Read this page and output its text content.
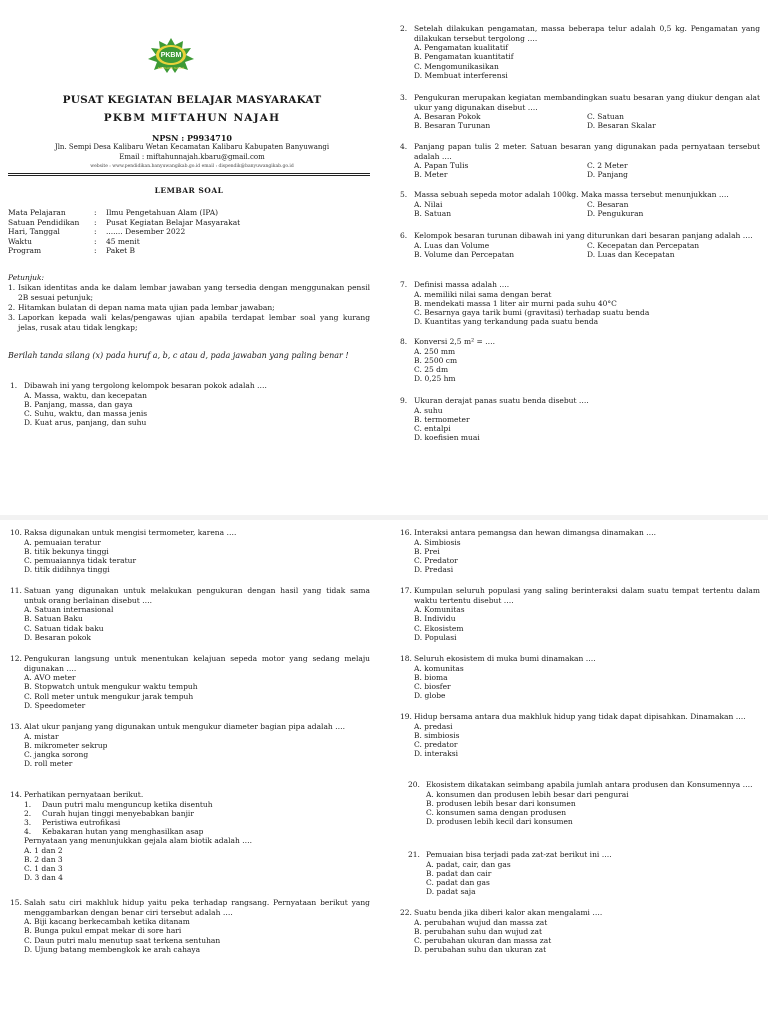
PKBM
MIFTAHUN NAJAH
PUSAT KEGIATAN BELAJAR MASYARAKAT
PKBM MIFTAHUN NAJAH
NPSN : P9934710
Jln. Sempi Desa Kalibaru Wetan Kecamatan Kalibaru Kabupaten Banyuwangi
Email : miftahunnajah.kbaru@gmail.com
website : www.pendidikan.banyuwangikab.go.id email : dispendik@banyuwangikab.go.id
LEMBAR SOAL
Mata Pelajaran	: Ilmu Pengetahuan Alam (IPA)
Satuan Pendidikan : Pusat Kegiatan Belajar Masyarakat
Hari, Tanggal	: ....... Desember 2022
Waktu	: 45 menit
Program	: Paket B
Petunjuk:
1. Isikan identitas anda ke dalam lembar jawaban yang tersedia dengan menggunakan pensil 2B sesuai petunjuk;
2. Hitamkan bulatan di depan nama mata ujian pada lembar jawaban;
3. Laporkan kepada wali kelas/pengawas ujian apabila terdapat lembar soal yang kurang jelas, rusak atau tidak lengkap;
Berilah tanda silang (x) pada huruf a, b, c atau d, pada jawaban yang paling benar !
1. Dibawah ini yang tergolong kelompok besaran pokok adalah ….
A. Massa, waktu, dan kecepatan
B. Panjang, massa, dan gaya
C. Suhu, waktu, dan massa jenis
D. Kuat arus, panjang, dan suhu
2. Setelah dilakukan pengamatan, massa beberapa telur adalah 0,5 kg. Pengamatan yang dilakukan tersebut tergolong ….
A. Pengamatan kualitatif
B. Pengamatan kuantitatif
C. Mengomunikasikan
D. Membuat interferensi
3. Pengukuran merupakan kegiatan membandingkan suatu besaran yang diukur dengan alat ukur yang digunakan disebut ….
A. Besaran Pokok	C. Satuan
B. Besaran Turunan	D. Besaran Skalar
4. Panjang papan tulis 2 meter. Satuan besaran yang digunakan pada pernyataan tersebut adalah ….
A. Papan Tulis	C. 2 Meter
B. Meter	D. Panjang
5. Massa sebuah sepeda motor adalah 100kg. Maka massa tersebut menunjukkan ….
A. Nilai	C. Besaran
B. Satuan	D. Pengukuran
6. Kelompok besaran turunan dibawah ini yang diturunkan dari besaran panjang adalah ….
A. Luas dan Volume	C. Kecepatan dan Percepatan
B. Volume dan Percepatan	D. Luas dan Kecepatan
7. Definisi massa adalah ….
A. memiliki nilai sama dengan berat
B. mendekati massa 1 liter air murni pada suhu 40°C
C. Besarnya gaya tarik bumi (gravitasi) terhadap suatu benda
D. Kuantitas yang terkandung pada suatu benda
8. Konversi 2,5 m² = ….
A. 250 mm
B. 2500 cm
C. 25 dm
D. 0,25 hm
9. Ukuran derajat panas suatu benda disebut ….
A. suhu
B. termometer
C. entalpi
D. koefisien muai
10. Raksa digunakan untuk mengisi termometer, karena ….
A. pemuaian teratur
B. titik bekunya tinggi
C. pemuaiannya tidak teratur
D. titik didihnya tinggi
11. Satuan yang digunakan untuk melakukan pengukuran dengan hasil yang tidak sama untuk orang berlainan disebut ….
A. Satuan internasional
B. Satuan Baku
C. Satuan tidak baku
D. Besaran pokok
12. Pengukuran langsung untuk menentukan kelajuan sepeda motor yang sedang melaju digunakan ….
A. AVO meter
B. Stopwatch untuk mengukur waktu tempuh
C. Roll meter untuk mengukur jarak tempuh
D. Speedometer
13. Alat ukur panjang yang digunakan untuk mengukur diameter bagian pipa adalah ….
A. mistar
B. mikrometer sekrup
C. jangka sorong
D. roll meter
14. Perhatikan pernyataan berikut.
1. Daun putri malu menguncup ketika disentuh
2. Curah hujan tinggi menyebabkan banjir
3. Peristiwa eutrofikasi
4. Kebakaran hutan yang menghasilkan asap
Pernyataan yang menunjukkan gejala alam biotik adalah ….
A. 1 dan 2
B. 2 dan 3
C. 1 dan 3
D. 3 dan 4
15. Salah satu ciri makhluk hidup yaitu peka terhadap rangsang. Pernyataan berikut yang menggambarkan dengan benar ciri tersebut adalah ….
A. Biji kacang berkecambah ketika ditanam
B. Bunga pukul empat mekar di sore hari
C. Daun putri malu menutup saat terkena sentuhan
D. Ujung batang membengkok ke arah cahaya
16. Interaksi antara pemangsa dan hewan dimangsa dinamakan ….
A. Simbiosis
B. Prei
C. Predator
D. Predasi
17. Kumpulan seluruh populasi yang saling berinteraksi dalam suatu tempat tertentu dalam waktu tertentu disebut ….
A. Komunitas
B. Individu
C. Ekosistem
D. Populasi
18. Seluruh ekosistem di muka bumi dinamakan ….
A. komunitas
B. bioma
C. biosfer
D. globe
19. Hidup bersama antara dua makhluk hidup yang tidak dapat dipisahkan. Dinamakan ….
A. predasi
B. simbiosis
C. predator
D. interaksi
20. Ekosistem dikatakan seimbang apabila jumlah antara produsen dan Konsumennya ….
A. konsumen dan produsen lebih besar dari pengurai
B. produsen lebih besar dari konsumen
C. konsumen sama dengan produsen
D. produsen lebih kecil dari konsumen
21. Pemuaian bisa terjadi pada zat-zat berikut ini ….
A. padat, cair, dan gas
B. padat dan cair
C. padat dan gas
D. padat saja
22. Suatu benda jika diberi kalor akan mengalami ….
A. perubahan wujud dan massa zat
B. perubahan suhu dan wujud zat
C. perubahan ukuran dan massa zat
D. perubahan suhu dan ukuran zat
